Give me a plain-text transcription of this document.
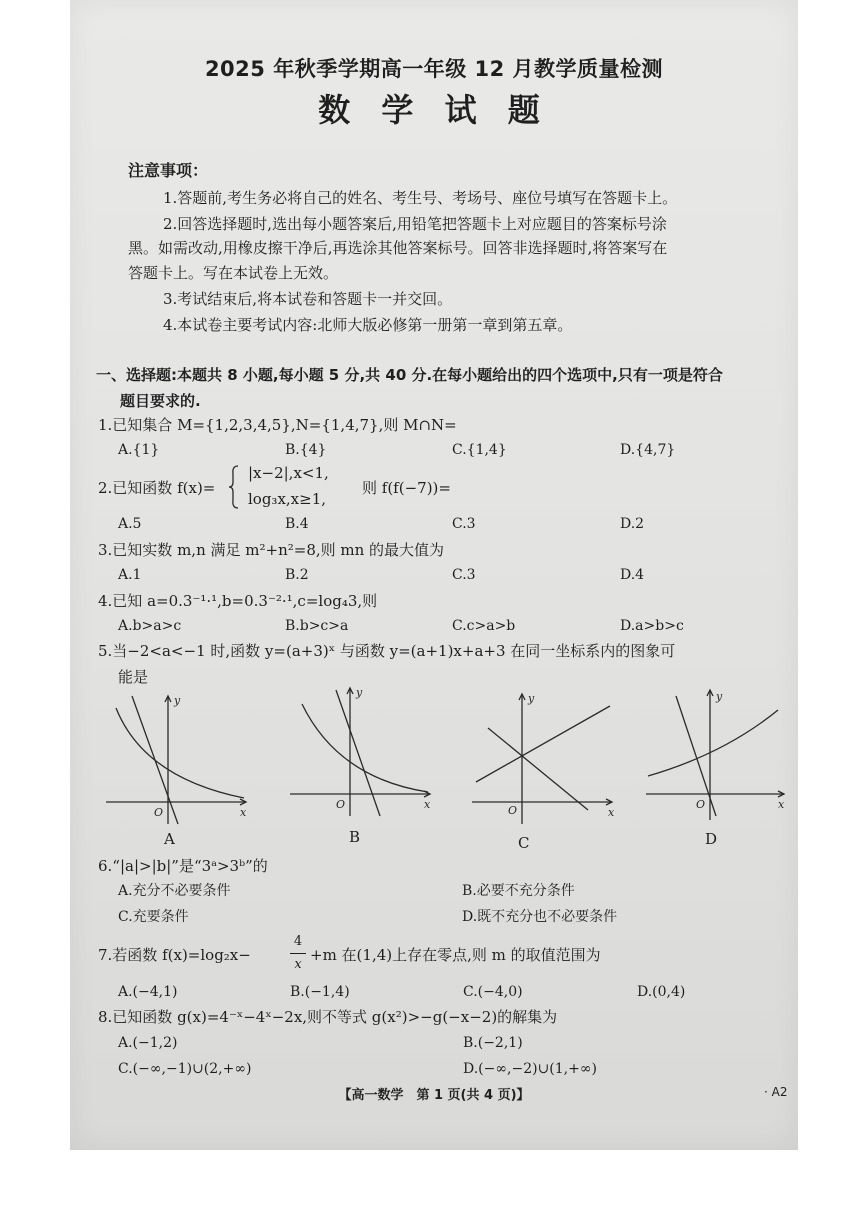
2025 年秋季学期高一年级 12 月教学质量检测
数 学 试 题
注意事项：
1.答题前,考生务必将自己的姓名、考生号、考场号、座位号填写在答题卡上。
2.回答选择题时,选出每小题答案后,用铅笔把答题卡上对应题目的答案标号涂
黑。如需改动,用橡皮擦干净后,再选涂其他答案标号。回答非选择题时,将答案写在
答题卡上。写在本试卷上无效。
3.考试结束后,将本试卷和答题卡一并交回。
4.本试卷主要考试内容:北师大版必修第一册第一章到第五章。
一、选择题:本题共 8 小题,每小题 5 分,共 40 分.在每小题给出的四个选项中,只有一项是符合
题目要求的.
1.已知集合 M={1,2,3,4,5},N={1,4,7},则 M∩N=
A.{1}	B.{4}	C.{1,4}	D.{4,7}
2.已知函数 f(x)=
|x−2|,x<1,
log₃x,x≥1,
则 f(f(−7))=
A.5	B.4	C.3	D.2
3.已知实数 m,n 满足 m²+n²=8,则 mn 的最大值为
A.1	B.2	C.3	D.4
4.已知 a=0.3⁻¹·¹,b=0.3⁻²·¹,c=log₄3,则
A.b>a>c	B.b>c>a	C.c>a>b	D.a>b>c
5.当−2<a<−1 时,函数 y=(a+3)ˣ 与函数 y=(a+1)x+a+3 在同一坐标系内的图象可
能是
y
x
O
A
y
x
O
B
y
x
O
C
y
x
O
D
6.“|a|>|b|”是“3ᵃ>3ᵇ”的
A.充分不必要条件	B.必要不充分条件
C.充要条件	D.既不充分也不必要条件
7.若函数 f(x)=log₂x−
4
x
+m 在(1,4)上存在零点,则 m 的取值范围为
A.(−4,1)	B.(−1,4)	C.(−4,0)	D.(0,4)
8.已知函数 g(x)=4⁻ˣ−4ˣ−2x,则不等式 g(x²)>−g(−x−2)的解集为
A.(−1,2)	B.(−2,1)
C.(−∞,−1)∪(2,+∞)	D.(−∞,−2)∪(1,+∞)
【高一数学　第 1 页(共 4 页)】	· A2
